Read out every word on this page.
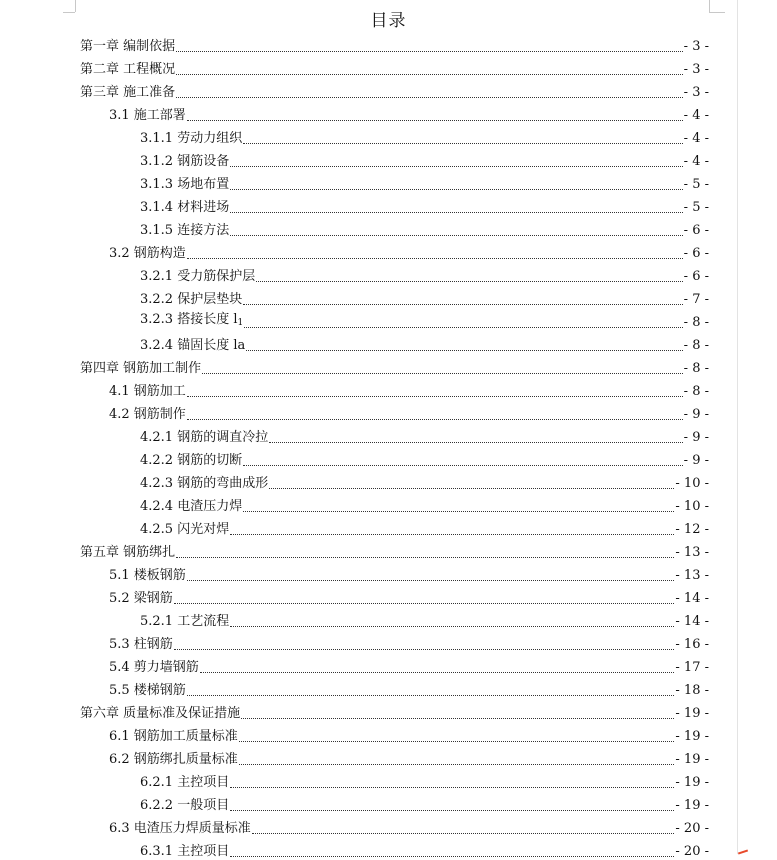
目录
第一章 编制依据	- 3 -
第二章 工程概况	- 3 -
第三章 施工准备	- 3 -
3.1 施工部署	- 4 -
3.1.1 劳动力组织	- 4 -
3.1.2 钢筋设备	- 4 -
3.1.3 场地布置	- 5 -
3.1.4 材料进场	- 5 -
3.1.5 连接方法	- 6 -
3.2 钢筋构造	- 6 -
3.2.1 受力筋保护层	- 6 -
3.2.2 保护层垫块	- 7 -
3.2.3 搭接长度 $l_1$	- 8 -
3.2.4 锚固长度 la	- 8 -
第四章 钢筋加工制作	- 8 -
4.1 钢筋加工	- 8 -
4.2 钢筋制作	- 9 -
4.2.1 钢筋的调直冷拉	- 9 -
4.2.2 钢筋的切断	- 9 -
4.2.3 钢筋的弯曲成形	- 10 -
4.2.4 电渣压力焊	- 10 -
4.2.5 闪光对焊	- 12 -
第五章 钢筋绑扎	- 13 -
5.1 楼板钢筋	- 13 -
5.2 梁钢筋	- 14 -
5.2.1 工艺流程	- 14 -
5.3 柱钢筋	- 16 -
5.4 剪力墙钢筋	- 17 -
5.5 楼梯钢筋	- 18 -
第六章 质量标准及保证措施	- 19 -
6.1 钢筋加工质量标准	- 19 -
6.2 钢筋绑扎质量标准	- 19 -
6.2.1 主控项目	- 19 -
6.2.2 一般项目	- 19 -
6.3 电渣压力焊质量标准	- 20 -
6.3.1 主控项目	- 20 -
